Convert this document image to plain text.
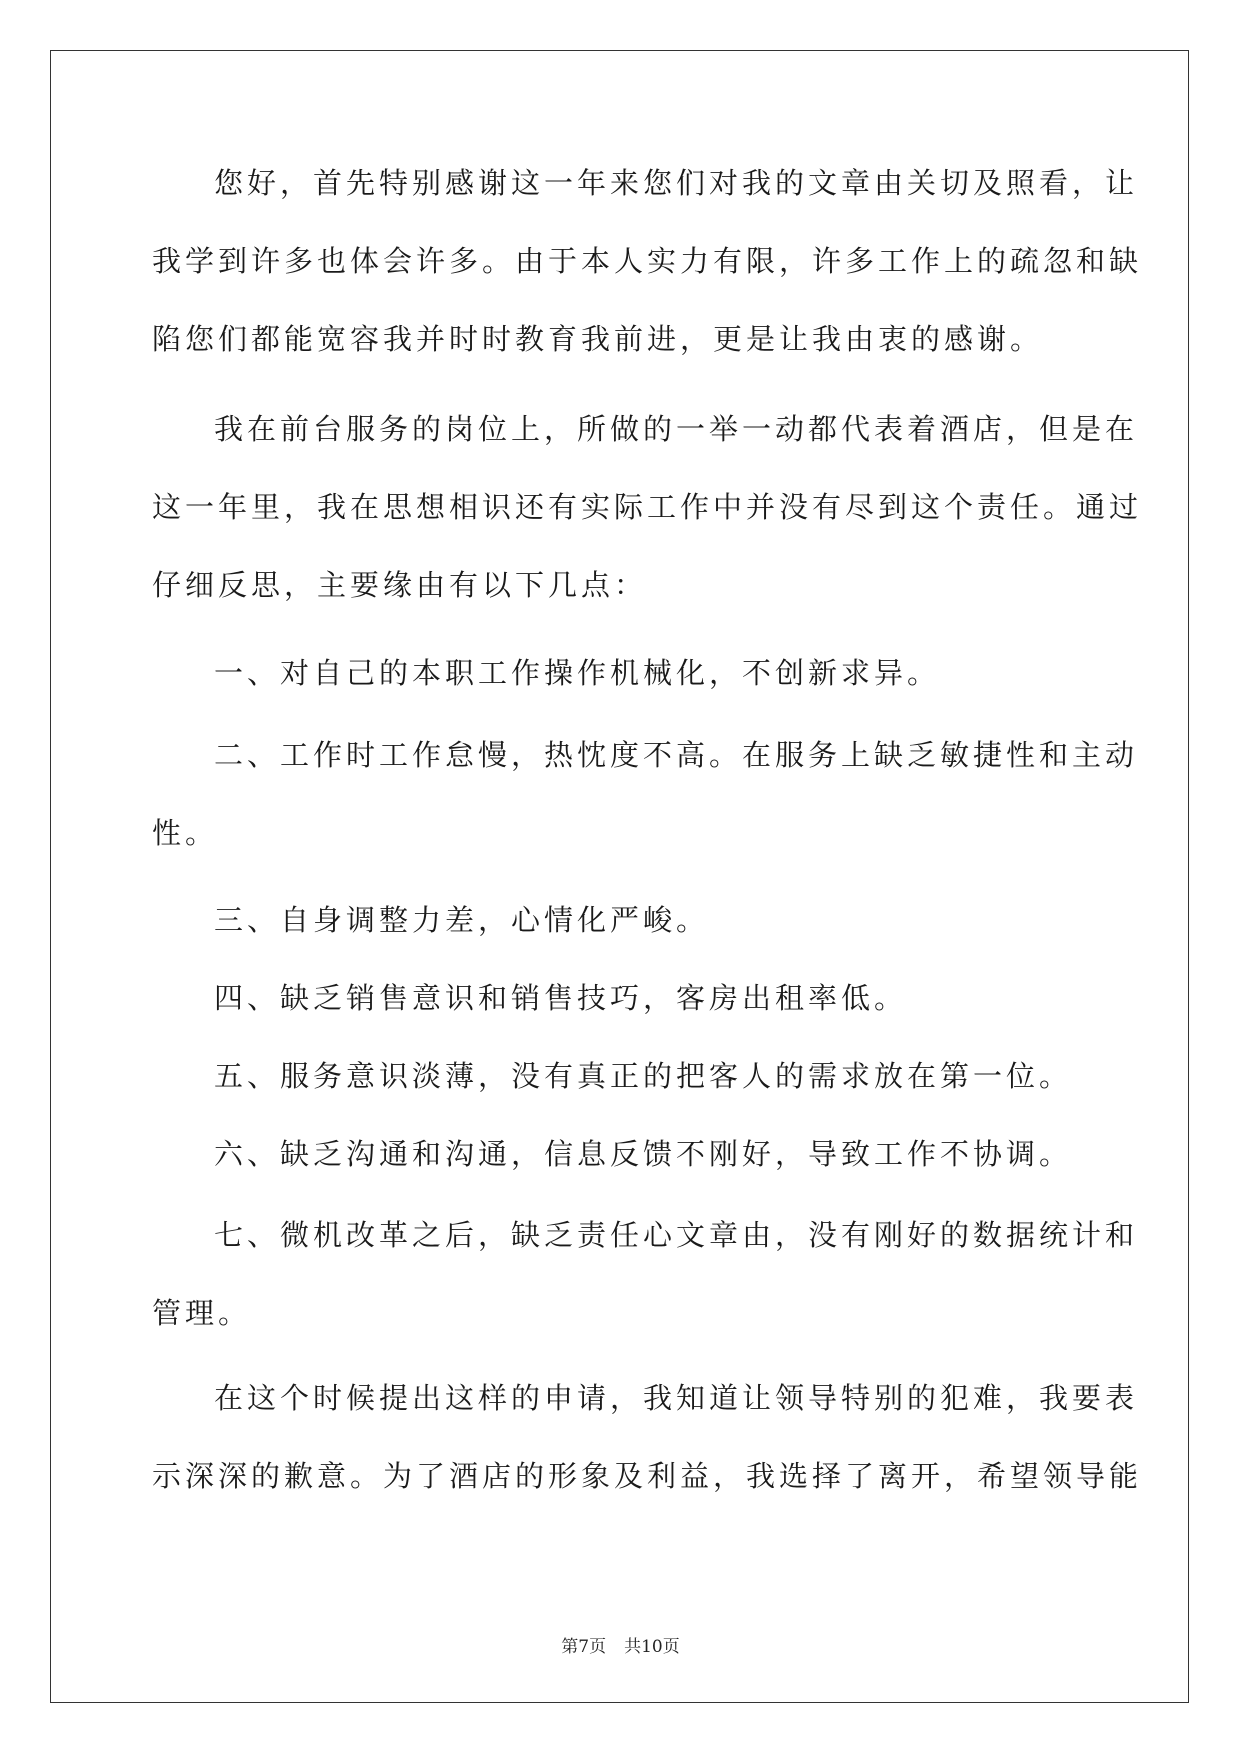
您好，首先特别感谢这一年来您们对我的文章由关切及照看，让
我学到许多也体会许多。由于本人实力有限，许多工作上的疏忽和缺
陷您们都能宽容我并时时教育我前进，更是让我由衷的感谢。
我在前台服务的岗位上，所做的一举一动都代表着酒店，但是在
这一年里，我在思想相识还有实际工作中并没有尽到这个责任。通过
仔细反思，主要缘由有以下几点：
一、对自己的本职工作操作机械化，不创新求异。
二、工作时工作怠慢，热忱度不高。在服务上缺乏敏捷性和主动
性。
三、自身调整力差，心情化严峻。
四、缺乏销售意识和销售技巧，客房出租率低。
五、服务意识淡薄，没有真正的把客人的需求放在第一位。
六、缺乏沟通和沟通，信息反馈不刚好，导致工作不协调。
七、微机改革之后，缺乏责任心文章由，没有刚好的数据统计和
管理。
在这个时候提出这样的申请，我知道让领导特别的犯难，我要表
示深深的歉意。为了酒店的形象及利益，我选择了离开，希望领导能
第7页 共10页
